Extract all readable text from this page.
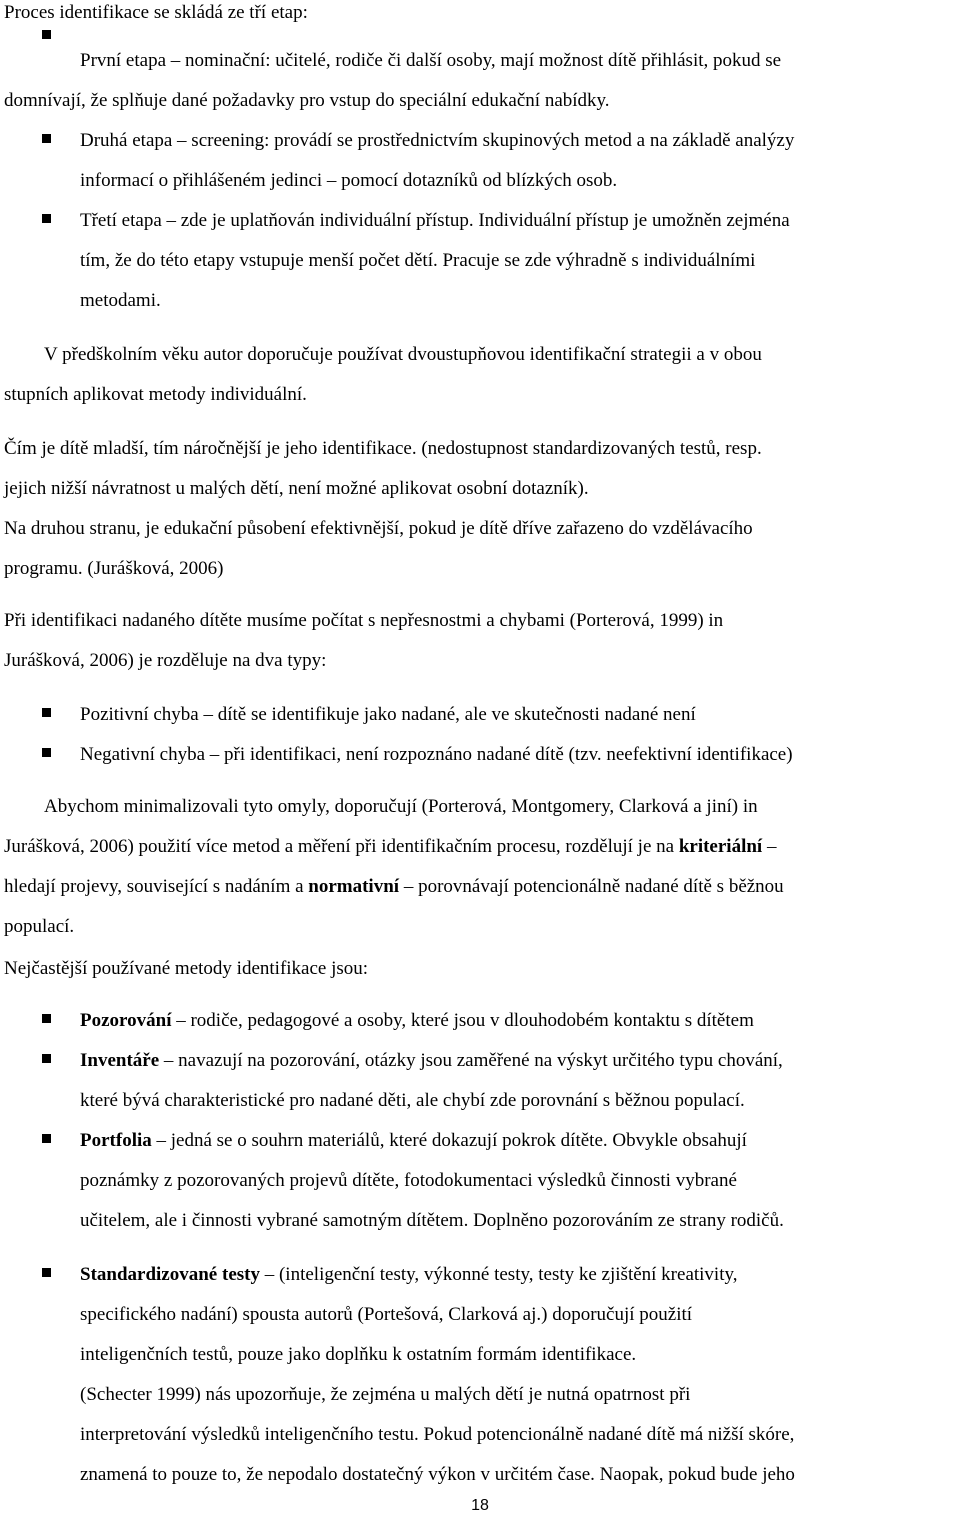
Proces identifikace se skládá ze tří etap:
První etapa – nominační: učitelé, rodiče či další osoby, mají možnost dítě přihlásit, pokud se
domnívají, že splňuje dané požadavky pro vstup do speciální edukační nabídky.
Druhá etapa – screening: provádí se prostřednictvím skupinových metod a na základě analýzy
informací o přihlášeném jedinci – pomocí dotazníků od blízkých osob.
Třetí etapa – zde je uplatňován individuální přístup. Individuální přístup je umožněn zejména
tím, že do této etapy vstupuje menší počet dětí. Pracuje se zde výhradně s individuálními
metodami.
V předškolním věku autor doporučuje používat dvoustupňovou identifikační strategii a v obou
stupních aplikovat metody individuální.
Čím je dítě mladší, tím náročnější je jeho identifikace. (nedostupnost standardizovaných testů, resp.
jejich nižší návratnost u malých dětí, není možné aplikovat osobní dotazník).
Na druhou stranu, je edukační působení efektivnější, pokud je dítě dříve zařazeno do vzdělávacího
programu. (Jurášková, 2006)
Při identifikaci nadaného dítěte musíme počítat s nepřesnostmi a chybami (Porterová, 1999) in
Jurášková, 2006) je rozděluje na dva typy:
Pozitivní chyba – dítě se identifikuje jako nadané, ale ve skutečnosti nadané není
Negativní chyba – při identifikaci, není rozpoznáno nadané dítě (tzv. neefektivní identifikace)
Abychom minimalizovali tyto omyly, doporučují (Porterová, Montgomery, Clarková a jiní) in
Jurášková, 2006) použití více metod a měření při identifikačním procesu, rozdělují je na kriteriální –
hledají projevy, související s nadáním a normativní – porovnávají potencionálně nadané dítě s běžnou
populací.
Nejčastější používané metody identifikace jsou:
Pozorování – rodiče, pedagogové a osoby, které jsou v dlouhodobém kontaktu s dítětem
Inventáře – navazují na pozorování, otázky jsou zaměřené na výskyt určitého typu chování,
které bývá charakteristické pro nadané děti, ale chybí zde porovnání s běžnou populací.
Portfolia – jedná se o souhrn materiálů, které dokazují pokrok dítěte. Obvykle obsahují
poznámky z pozorovaných projevů dítěte, fotodokumentaci výsledků činnosti vybrané
učitelem, ale i činnosti vybrané samotným dítětem. Doplněno pozorováním ze strany rodičů.
Standardizované testy – (inteligenční testy, výkonné testy, testy ke zjištění kreativity,
specifického nadání) spousta autorů (Portešová, Clarková aj.) doporučují použití
inteligenčních testů, pouze jako doplňku k ostatním formám identifikace.
(Schecter 1999) nás upozorňuje, že zejména u malých dětí je nutná opatrnost při
interpretování výsledků inteligenčního testu. Pokud potencionálně nadané dítě má nižší skóre,
znamená to pouze to, že nepodalo dostatečný výkon v určitém čase. Naopak, pokud bude jeho
18
